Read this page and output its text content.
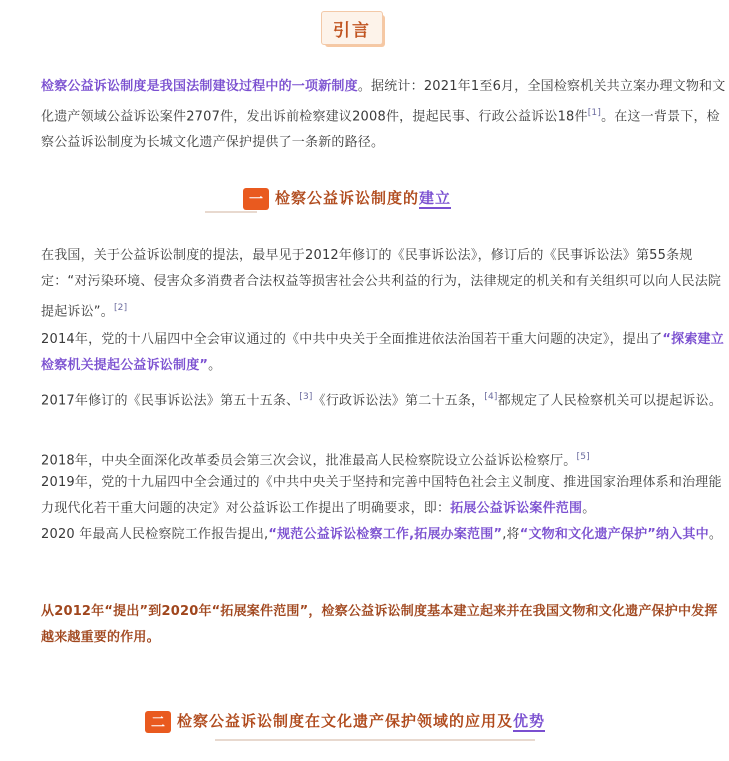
引言

检察公益诉讼制度是我国法制建设过程中的一项新制度。据统计：2021年1至6月，全国检察机关共立案办理文物和文化遗产领域公益诉讼案件2707件，发出诉前检察建议2008件，提起民事、行政公益诉讼18件[1]。在这一背景下，检察公益诉讼制度为长城文化遗产保护提供了一条新的路径。

一 检察公益诉讼制度的建立

在我国，关于公益诉讼制度的提法，最早见于2012年修订的《民事诉讼法》，修订后的《民事诉讼法》第55条规定：“对污染环境、侵害众多消费者合法权益等损害社会公共利益的行为，法律规定的机关和有关组织可以向人民法院提起诉讼”。[2]

2014年，党的十八届四中全会审议通过的《中共中央关于全面推进依法治国若干重大问题的决定》，提出了“探索建立检察机关提起公益诉讼制度”。

2017年修订的《民事诉讼法》第五十五条、[3]《行政诉讼法》第二十五条，[4]都规定了人民检察机关可以提起诉讼。

2018年，中央全面深化改革委员会第三次会议，批准最高人民检察院设立公益诉讼检察厅。[5]

2019年，党的十九届四中全会通过的《中共中央关于坚持和完善中国特色社会主义制度、推进国家治理体系和治理能力现代化若干重大问题的决定》对公益诉讼工作提出了明确要求，即：拓展公益诉讼案件范围。

2020 年最高人民检察院工作报告提出,“规范公益诉讼检察工作,拓展办案范围”,将“文物和文化遗产保护”纳入其中。

从2012年“提出”到2020年“拓展案件范围”，检察公益诉讼制度基本建立起来并在我国文物和文化遗产保护中发挥越来越重要的作用。

二 检察公益诉讼制度在文化遗产保护领域的应用及优势
